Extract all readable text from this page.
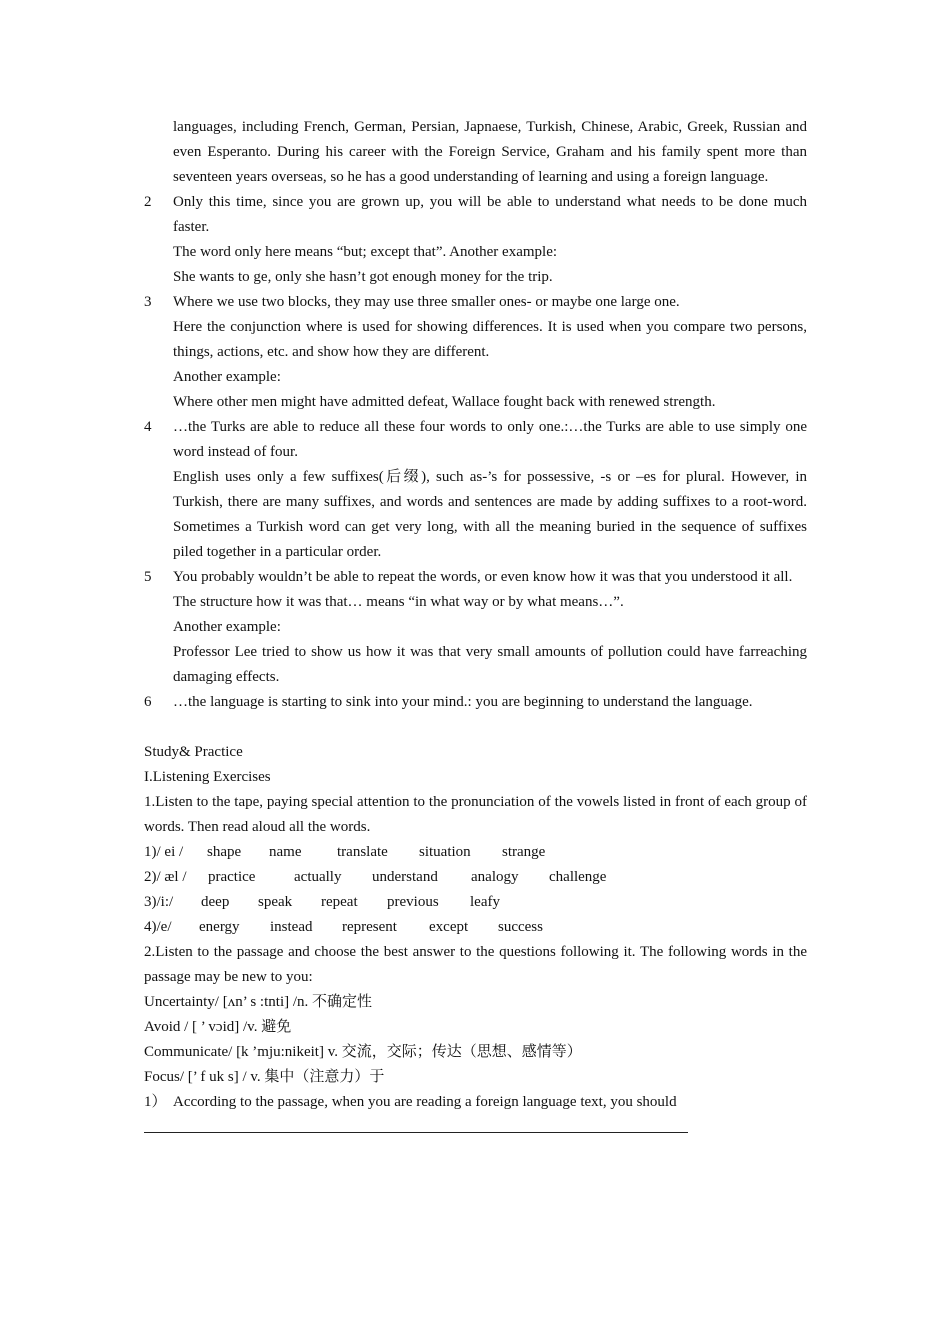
languages, including French, German, Persian, Japnaese, Turkish, Chinese, Arabic, Greek, Russian and even Esperanto. During his career with the Foreign Service, Graham and his family spent more than seventeen years overseas, so he has a good understanding of learning and using a foreign language.
2	Only this time, since you are grown up, you will be able to understand what needs to be done much faster.
The word only here means “but; except that”. Another example:
She wants to ge, only she hasn’t got enough money for the trip.
3	Where we use two blocks, they may use three smaller ones- or maybe one large one.
Here the conjunction where is used for showing differences. It is used when you compare two persons, things, actions, etc. and show how they are different.
Another example:
Where other men might have admitted defeat, Wallace fought back with renewed strength.
4	…the Turks are able to reduce all these four words to only one.:…the Turks are able to use simply one word instead of four.
English uses only a few suffixes(后缀), such as-’s for possessive, -s or –es for plural. However, in Turkish, there are many suffixes, and words and sentences are made by adding suffixes to a root-word. Sometimes a Turkish word can get very long, with all the meaning buried in the sequence of suffixes piled together in a particular order.
5	You probably wouldn’t be able to repeat the words, or even know how it was that you understood it all.
The structure how it was that… means “in what way or by what means…”.
Another example:
Professor Lee tried to show us how it was that very small amounts of pollution could have farreaching damaging effects.
6	…the language is starting to sink into your mind.: you are beginning to understand the language.
Study& Practice
I.Listening Exercises
1.Listen to the tape, paying special attention to the pronunciation of the vowels listed in front of each group of words. Then read aloud all the words.
1)/ ei /	shape	name	translate	situation	strange
2)/ æl /	practice	actually	understand	analogy	challenge
3)/i:/	deep	speak	repeat	previous	leafy
4)/e/	energy	instead	represent	except	success
2.Listen to the passage and choose the best answer to the questions following it. The following words in the passage may be new to you:
Uncertainty/ [ʌn’ s :tnti] /n. 不确定性
Avoid / [ ’ vɔid] /v. 避免
Communicate/ [k ’mju:nikeit] v. 交流，交际；传达（思想、感情等）
Focus/ [’ f uk s] / v. 集中（注意力）于
1） According to the passage, when you are reading a foreign language text, you should
